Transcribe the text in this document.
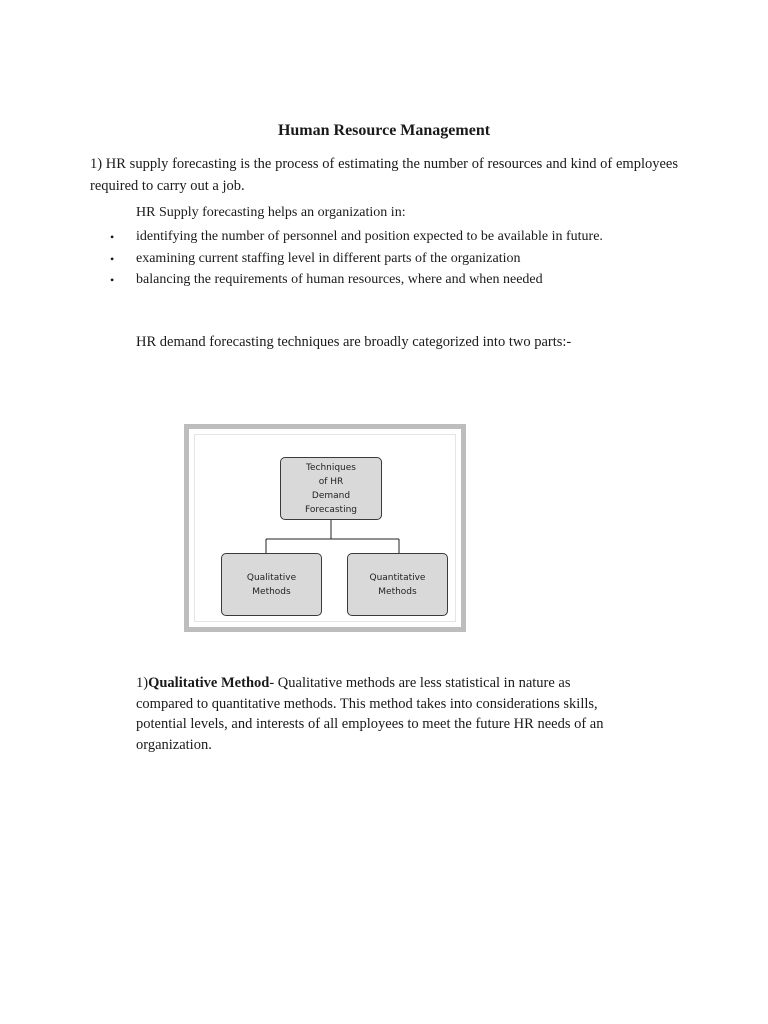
Human Resource Management

1) HR supply forecasting is the process of estimating the number of resources and kind of employees required to carry out a job.

HR Supply forecasting helps an organization in:

•	identifying the number of personnel and position expected to be available in future.
•	examining current staffing level in different parts of the organization
•	balancing the requirements of human resources, where and when needed

HR demand forecasting techniques are broadly categorized into two parts:-

Techniques
of HR
Demand
Forecasting
Qualitative
Methods
Quantitative
Methods

1)Qualitative Method- Qualitative methods are less statistical in nature as compared to quantitative methods. This method takes into considerations skills, potential levels, and interests of all employees to meet the future HR needs of an organization.
